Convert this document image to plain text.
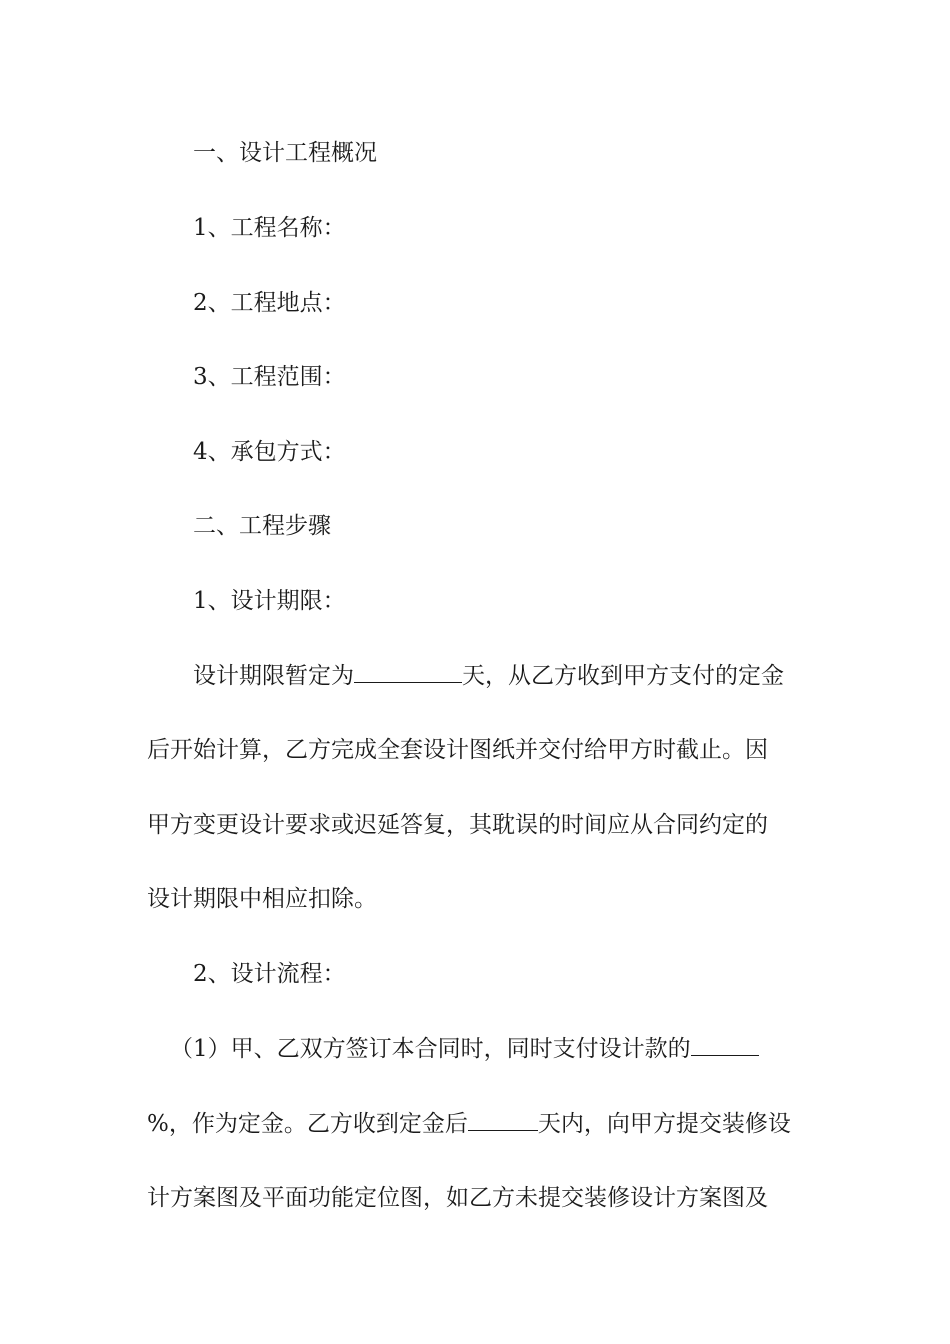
一、设计工程概况
1、工程名称：
2、工程地点：
3、工程范围：
4、承包方式：
二、工程步骤
1、设计期限：
设计期限暂定为	天，从乙方收到甲方支付的定金
后开始计算，乙方完成全套设计图纸并交付给甲方时截止。因
甲方变更设计要求或迟延答复，其耽误的时间应从合同约定的
设计期限中相应扣除。
2、设计流程：
（1）甲、乙双方签订本合同时，同时支付设计款的
%，作为定金。乙方收到定金后	天内，向甲方提交装修设
计方案图及平面功能定位图，如乙方未提交装修设计方案图及
